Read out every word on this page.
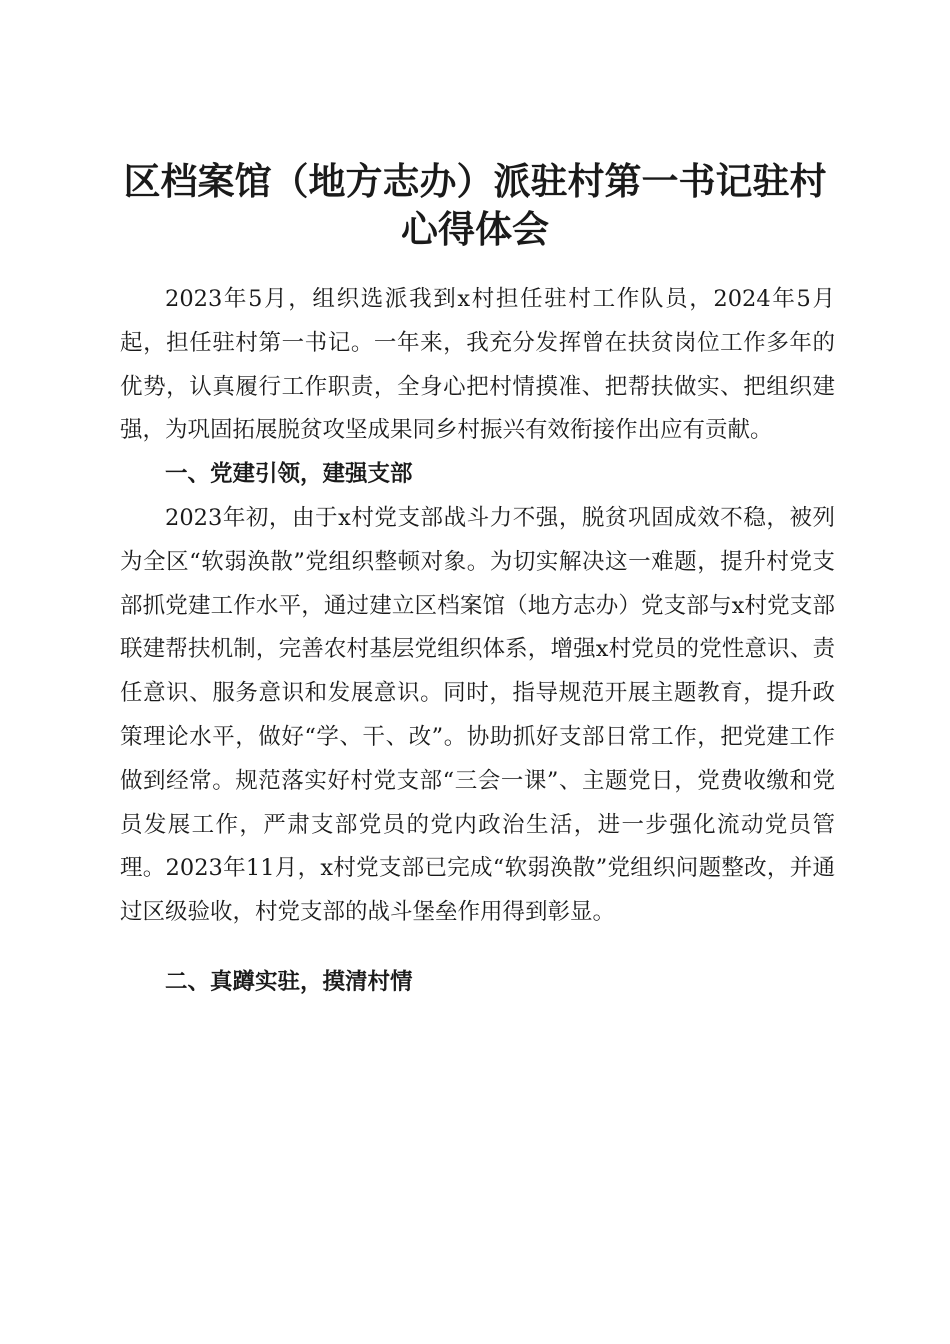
区档案馆（地方志办）派驻村第一书记驻村心得体会

2023年5月，组织选派我到x村担任驻村工作队员，2024年5月起，担任驻村第一书记。一年来，我充分发挥曾在扶贫岗位工作多年的优势，认真履行工作职责，全身心把村情摸准、把帮扶做实、把组织建强，为巩固拓展脱贫攻坚成果同乡村振兴有效衔接作出应有贡献。

一、党建引领，建强支部

2023年初，由于x村党支部战斗力不强，脱贫巩固成效不稳，被列为全区“软弱涣散”党组织整顿对象。为切实解决这一难题，提升村党支部抓党建工作水平，通过建立区档案馆（地方志办）党支部与x村党支部联建帮扶机制，完善农村基层党组织体系，增强x村党员的党性意识、责任意识、服务意识和发展意识。同时，指导规范开展主题教育，提升政策理论水平，做好“学、干、改”。协助抓好支部日常工作，把党建工作做到经常。规范落实好村党支部“三会一课”、主题党日，党费收缴和党员发展工作，严肃支部党员的党内政治生活，进一步强化流动党员管理。2023年11月，x村党支部已完成“软弱涣散”党组织问题整改，并通过区级验收，村党支部的战斗堡垒作用得到彰显。

二、真蹲实驻，摸清村情
